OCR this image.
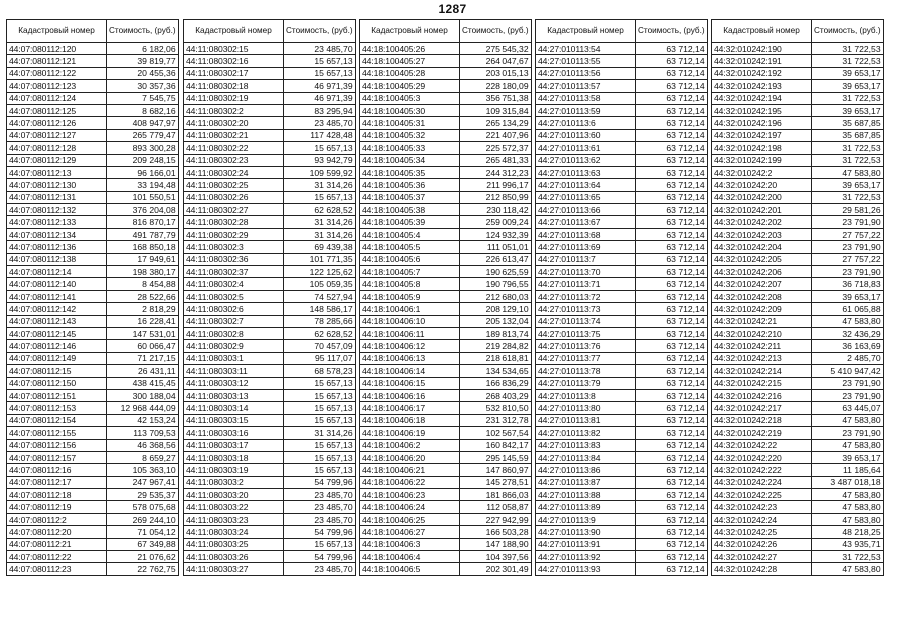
1287
Кадастровый номер	Стоимость, (руб.)
44:07:080112:120	6 182,06
44:07:080112:121	39 819,77
44:07:080112:122	20 455,36
44:07:080112:123	30 357,36
44:07:080112:124	7 545,75
44:07:080112:125	8 682,16
44:07:080112:126	408 947,97
44:07:080112:127	265 779,47
44:07:080112:128	893 300,28
44:07:080112:129	209 248,15
44:07:080112:13	96 166,01
44:07:080112:130	33 194,48
44:07:080112:131	101 550,51
44:07:080112:132	376 204,08
44:07:080112:133	816 870,17
44:07:080112:134	491 787,79
44:07:080112:136	168 850,18
44:07:080112:138	17 949,61
44:07:080112:14	198 380,17
44:07:080112:140	8 454,88
44:07:080112:141	28 522,66
44:07:080112:142	2 818,29
44:07:080112:143	16 228,41
44:07:080112:145	147 531,01
44:07:080112:146	60 066,47
44:07:080112:149	71 217,15
44:07:080112:15	26 431,11
44:07:080112:150	438 415,45
44:07:080112:151	300 188,04
44:07:080112:153	12 968 444,09
44:07:080112:154	42 153,24
44:07:080112:155	113 709,53
44:07:080112:156	46 368,56
44:07:080112:157	8 659,27
44:07:080112:16	105 363,10
44:07:080112:17	247 967,41
44:07:080112:18	29 535,37
44:07:080112:19	578 075,68
44:07:080112:2	269 244,10
44:07:080112:20	71 054,12
44:07:080112:21	67 349,88
44:07:080112:22	21 076,62
44:07:080112:23	22 762,75
Кадастровый номер	Стоимость, (руб.)
44:11:080302:15	23 485,70
44:11:080302:16	15 657,13
44:11:080302:17	15 657,13
44:11:080302:18	46 971,39
44:11:080302:19	46 971,39
44:11:080302:2	83 295,94
44:11:080302:20	23 485,70
44:11:080302:21	117 428,48
44:11:080302:22	15 657,13
44:11:080302:23	93 942,79
44:11:080302:24	109 599,92
44:11:080302:25	31 314,26
44:11:080302:26	15 657,13
44:11:080302:27	62 628,52
44:11:080302:28	31 314,26
44:11:080302:29	31 314,26
44:11:080302:3	69 439,38
44:11:080302:36	101 771,35
44:11:080302:37	122 125,62
44:11:080302:4	105 059,35
44:11:080302:5	74 527,94
44:11:080302:6	148 586,17
44:11:080302:7	78 285,66
44:11:080302:8	62 628,52
44:11:080302:9	70 457,09
44:11:080303:1	95 117,07
44:11:080303:11	68 578,23
44:11:080303:12	15 657,13
44:11:080303:13	15 657,13
44:11:080303:14	15 657,13
44:11:080303:15	15 657,13
44:11:080303:16	31 314,26
44:11:080303:17	15 657,13
44:11:080303:18	15 657,13
44:11:080303:19	15 657,13
44:11:080303:2	54 799,96
44:11:080303:20	23 485,70
44:11:080303:22	23 485,70
44:11:080303:23	23 485,70
44:11:080303:24	54 799,96
44:11:080303:25	15 657,13
44:11:080303:26	54 799,96
44:11:080303:27	23 485,70
Кадастровый номер	Стоимость, (руб.)
44:18:100405:26	275 545,32
44:18:100405:27	264 047,67
44:18:100405:28	203 015,13
44:18:100405:29	228 180,09
44:18:100405:3	356 751,38
44:18:100405:30	109 315,84
44:18:100405:31	265 134,29
44:18:100405:32	221 407,96
44:18:100405:33	225 572,37
44:18:100405:34	265 481,33
44:18:100405:35	244 312,23
44:18:100405:36	211 996,17
44:18:100405:37	212 850,99
44:18:100405:38	230 118,42
44:18:100405:39	259 009,24
44:18:100405:4	124 932,39
44:18:100405:5	111 051,01
44:18:100405:6	226 613,47
44:18:100405:7	190 625,59
44:18:100405:8	190 796,55
44:18:100405:9	212 680,03
44:18:100406:1	208 129,10
44:18:100406:10	205 132,04
44:18:100406:11	189 813,74
44:18:100406:12	219 284,82
44:18:100406:13	218 618,81
44:18:100406:14	134 534,65
44:18:100406:15	166 836,29
44:18:100406:16	268 403,29
44:18:100406:17	532 810,50
44:18:100406:18	231 312,78
44:18:100406:19	102 567,54
44:18:100406:2	160 842,17
44:18:100406:20	295 145,59
44:18:100406:21	147 860,97
44:18:100406:22	145 278,51
44:18:100406:23	181 866,03
44:18:100406:24	112 058,87
44:18:100406:25	227 942,99
44:18:100406:27	166 503,28
44:18:100406:3	147 188,90
44:18:100406:4	104 397,56
44:18:100406:5	202 301,49
Кадастровый номер	Стоимость, (руб.)
44:27:010113:54	63 712,14
44:27:010113:55	63 712,14
44:27:010113:56	63 712,14
44:27:010113:57	63 712,14
44:27:010113:58	63 712,14
44:27:010113:59	63 712,14
44:27:010113:6	63 712,14
44:27:010113:60	63 712,14
44:27:010113:61	63 712,14
44:27:010113:62	63 712,14
44:27:010113:63	63 712,14
44:27:010113:64	63 712,14
44:27:010113:65	63 712,14
44:27:010113:66	63 712,14
44:27:010113:67	63 712,14
44:27:010113:68	63 712,14
44:27:010113:69	63 712,14
44:27:010113:7	63 712,14
44:27:010113:70	63 712,14
44:27:010113:71	63 712,14
44:27:010113:72	63 712,14
44:27:010113:73	63 712,14
44:27:010113:74	63 712,14
44:27:010113:75	63 712,14
44:27:010113:76	63 712,14
44:27:010113:77	63 712,14
44:27:010113:78	63 712,14
44:27:010113:79	63 712,14
44:27:010113:8	63 712,14
44:27:010113:80	63 712,14
44:27:010113:81	63 712,14
44:27:010113:82	63 712,14
44:27:010113:83	63 712,14
44:27:010113:84	63 712,14
44:27:010113:86	63 712,14
44:27:010113:87	63 712,14
44:27:010113:88	63 712,14
44:27:010113:89	63 712,14
44:27:010113:9	63 712,14
44:27:010113:90	63 712,14
44:27:010113:91	63 712,14
44:27:010113:92	63 712,14
44:27:010113:93	63 712,14
Кадастровый номер	Стоимость, (руб.)
44:32:010242:190	31 722,53
44:32:010242:191	31 722,53
44:32:010242:192	39 653,17
44:32:010242:193	39 653,17
44:32:010242:194	31 722,53
44:32:010242:195	39 653,17
44:32:010242:196	35 687,85
44:32:010242:197	35 687,85
44:32:010242:198	31 722,53
44:32:010242:199	31 722,53
44:32:010242:2	47 583,80
44:32:010242:20	39 653,17
44:32:010242:200	31 722,53
44:32:010242:201	29 581,26
44:32:010242:202	23 791,90
44:32:010242:203	27 757,22
44:32:010242:204	23 791,90
44:32:010242:205	27 757,22
44:32:010242:206	23 791,90
44:32:010242:207	36 718,83
44:32:010242:208	39 653,17
44:32:010242:209	61 065,88
44:32:010242:21	47 583,80
44:32:010242:210	32 436,29
44:32:010242:211	36 163,69
44:32:010242:213	2 485,70
44:32:010242:214	5 410 947,42
44:32:010242:215	23 791,90
44:32:010242:216	23 791,90
44:32:010242:217	63 445,07
44:32:010242:218	47 583,80
44:32:010242:219	23 791,90
44:32:010242:22	47 583,80
44:32:010242:220	39 653,17
44:32:010242:222	11 185,64
44:32:010242:224	3 487 018,18
44:32:010242:225	47 583,80
44:32:010242:23	47 583,80
44:32:010242:24	47 583,80
44:32:010242:25	48 218,25
44:32:010242:26	43 935,71
44:32:010242:27	31 722,53
44:32:010242:28	47 583,80
